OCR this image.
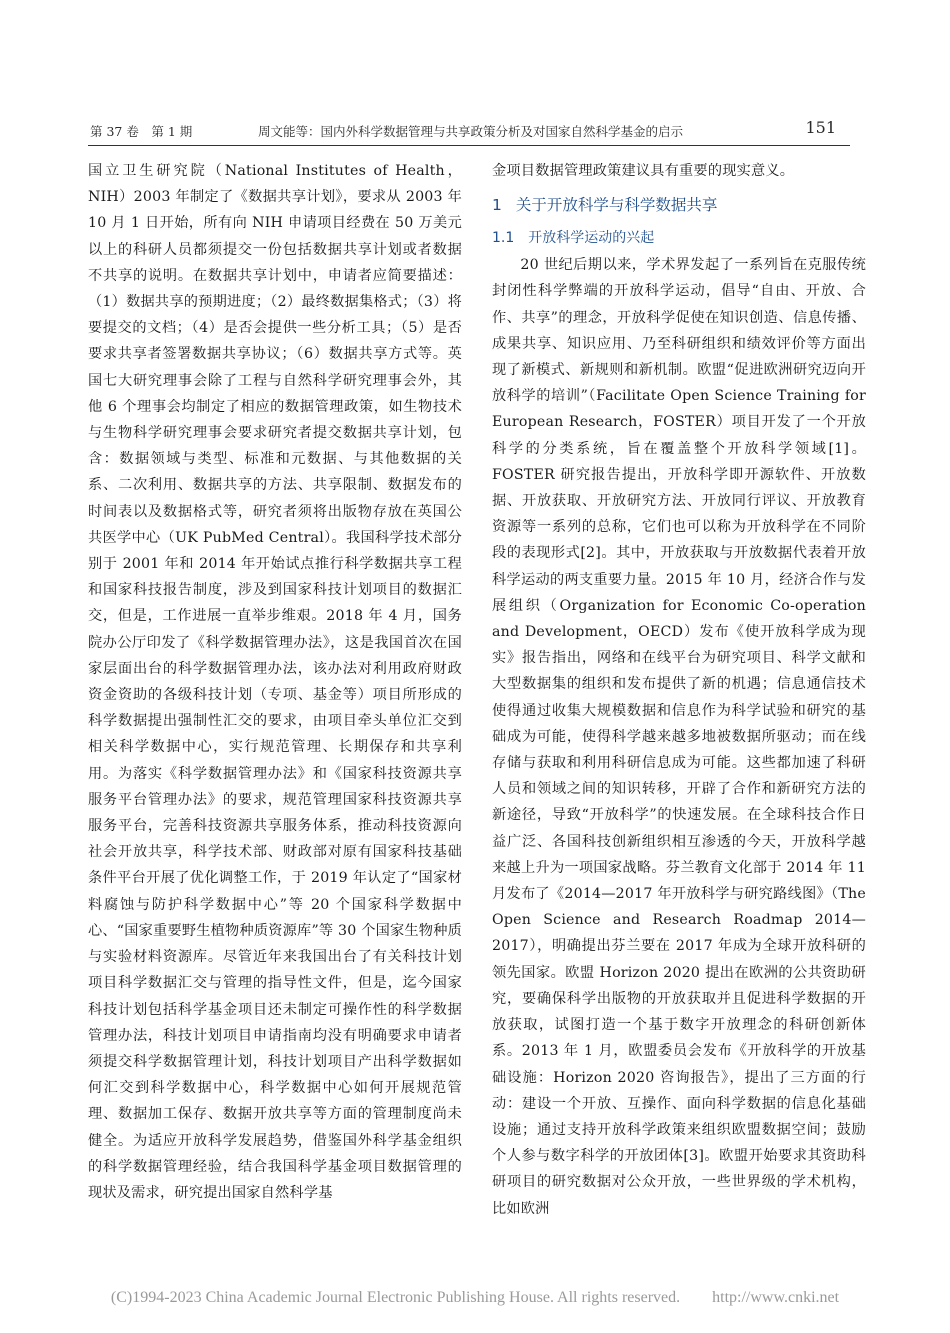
第 37 卷　第 1 期	周文能等：国内外科学数据管理与共享政策分析及对国家自然科学基金的启示	151

国立卫生研究院（National Institutes of Health，NIH）2003 年制定了《数据共享计划》，要求从 2003 年 10 月 1 日开始，所有向 NIH 申请项目经费在 50 万美元以上的科研人员都须提交一份包括数据共享计划或者数据不共享的说明。在数据共享计划中，申请者应简要描述：（1）数据共享的预期进度；（2）最终数据集格式；（3）将要提交的文档；（4）是否会提供一些分析工具；（5）是否要求共享者签署数据共享协议；（6）数据共享方式等。英国七大研究理事会除了工程与自然科学研究理事会外，其他 6 个理事会均制定了相应的数据管理政策，如生物技术与生物科学研究理事会要求研究者提交数据共享计划，包含：数据领域与类型、标准和元数据、与其他数据的关系、二次利用、数据共享的方法、共享限制、数据发布的时间表以及数据格式等，研究者须将出版物存放在英国公共医学中心（UK PubMed Central）。我国科学技术部分别于 2001 年和 2014 年开始试点推行科学数据共享工程和国家科技报告制度，涉及到国家科技计划项目的数据汇交，但是，工作进展一直举步维艰。2018 年 4 月，国务院办公厅印发了《科学数据管理办法》，这是我国首次在国家层面出台的科学数据管理办法，该办法对利用政府财政资金资助的各级科技计划（专项、基金等）项目所形成的科学数据提出强制性汇交的要求，由项目牵头单位汇交到相关科学数据中心，实行规范管理、长期保存和共享利用。为落实《科学数据管理办法》和《国家科技资源共享服务平台管理办法》的要求，规范管理国家科技资源共享服务平台，完善科技资源共享服务体系，推动科技资源向社会开放共享，科学技术部、财政部对原有国家科技基础条件平台开展了优化调整工作，于 2019 年认定了“国家材料腐蚀与防护科学数据中心”等 20 个国家科学数据中心、“国家重要野生植物种质资源库”等 30 个国家生物种质与实验材料资源库。尽管近年来我国出台了有关科技计划项目科学数据汇交与管理的指导性文件，但是，迄今国家科技计划包括科学基金项目还未制定可操作性的科学数据管理办法，科技计划项目申请指南均没有明确要求申请者须提交科学数据管理计划，科技计划项目产出科学数据如何汇交到科学数据中心，科学数据中心如何开展规范管理、数据加工保存、数据开放共享等方面的管理制度尚未健全。为适应开放科学发展趋势，借鉴国外科学基金组织的科学数据管理经验，结合我国科学基金项目数据管理的现状及需求，研究提出国家自然科学基

金项目数据管理政策建议具有重要的现实意义。

1 关于开放科学与科学数据共享
1.1 开放科学运动的兴起

20 世纪后期以来，学术界发起了一系列旨在克服传统封闭性科学弊端的开放科学运动，倡导“自由、开放、合作、共享”的理念，开放科学促使在知识创造、信息传播、成果共享、知识应用、乃至科研组织和绩效评价等方面出现了新模式、新规则和新机制。欧盟“促进欧洲研究迈向开放科学的培训”（Facilitate Open Science Training for European Research，FOSTER）项目开发了一个开放科学的分类系统，旨在覆盖整个开放科学领域[1]。FOSTER 研究报告提出，开放科学即开源软件、开放数据、开放获取、开放研究方法、开放同行评议、开放教育资源等一系列的总称，它们也可以称为开放科学在不同阶段的表现形式[2]。其中，开放获取与开放数据代表着开放科学运动的两支重要力量。2015 年 10 月，经济合作与发展组织（Organization for Economic Co-operation and Development，OECD）发布《使开放科学成为现实》报告指出，网络和在线平台为研究项目、科学文献和大型数据集的组织和发布提供了新的机遇；信息通信技术使得通过收集大规模数据和信息作为科学试验和研究的基础成为可能，使得科学越来越多地被数据所驱动；而在线存储与获取和利用科研信息成为可能。这些都加速了科研人员和领域之间的知识转移，开辟了合作和新研究方法的新途径，导致“开放科学”的快速发展。在全球科技合作日益广泛、各国科技创新组织相互渗透的今天，开放科学越来越上升为一项国家战略。芬兰教育文化部于 2014 年 11 月发布了《2014—2017 年开放科学与研究路线图》（The Open Science and Research Roadmap 2014—2017），明确提出芬兰要在 2017 年成为全球开放科研的领先国家。欧盟 Horizon 2020 提出在欧洲的公共资助研究，要确保科学出版物的开放获取并且促进科学数据的开放获取，试图打造一个基于数字开放理念的科研创新体系。2013 年 1 月，欧盟委员会发布《开放科学的开放基础设施：Horizon 2020 咨询报告》，提出了三方面的行动：建设一个开放、互操作、面向科学数据的信息化基础设施；通过支持开放科学政策来组织欧盟数据空间；鼓励个人参与数字科学的开放团体[3]。欧盟开始要求其资助科研项目的研究数据对公众开放，一些世界级的学术机构，比如欧洲

(C)1994-2023 China Academic Journal Electronic Publishing House. All rights reserved.　　http://www.cnki.net
